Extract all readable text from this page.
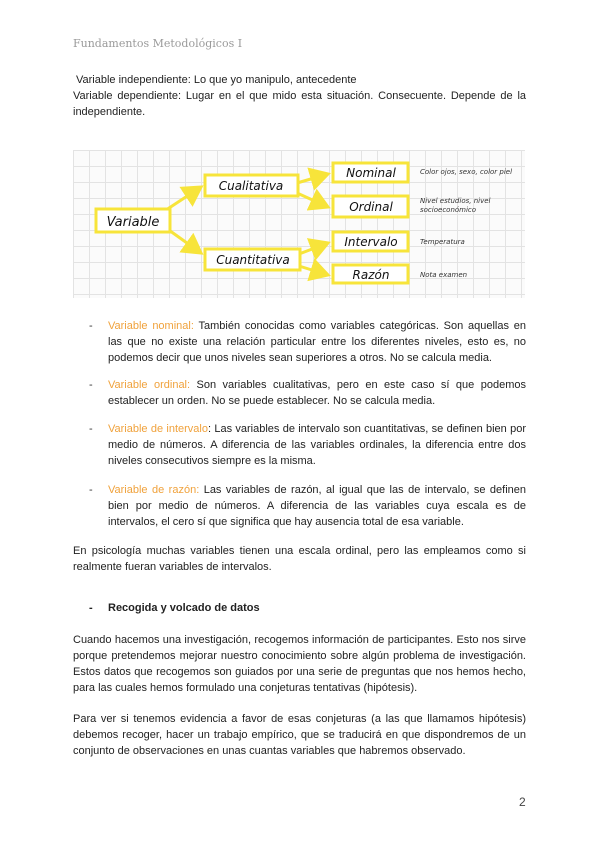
Fundamentos Metodológicos I
Variable independiente: Lo que yo manipulo, antecedente
Variable dependiente: Lugar en el que mido esta situación. Consecuente. Depende de la
independiente.
Variable
Cualitativa
Cuantitativa
Nominal
Ordinal
Intervalo
Razón
Color ojos, sexo, color piel
Nivel estudios, nivel
socioeconómico
Temperatura
Nota examen
- Variable nominal: También conocidas como variables categóricas. Son aquellas en las que no existe una relación particular entre los diferentes niveles, esto es, no podemos decir que unos niveles sean superiores a otros. No se calcula media.
- Variable ordinal: Son variables cualitativas, pero en este caso sí que podemos establecer un orden. No se puede establecer. No se calcula media.
- Variable de intervalo: Las variables de intervalo son cuantitativas, se definen bien por medio de números. A diferencia de las variables ordinales, la diferencia entre dos niveles consecutivos siempre es la misma.
- Variable de razón: Las variables de razón, al igual que las de intervalo, se definen bien por medio de números. A diferencia de las variables cuya escala es de intervalos, el cero sí que significa que hay ausencia total de esa variable.
En psicología muchas variables tienen una escala ordinal, pero las empleamos como si realmente fueran variables de intervalos.
- Recogida y volcado de datos
Cuando hacemos una investigación, recogemos información de participantes. Esto nos sirve porque pretendemos mejorar nuestro conocimiento sobre algún problema de investigación. Estos datos que recogemos son guiados por una serie de preguntas que nos hemos hecho, para las cuales hemos formulado una conjeturas tentativas (hipótesis).
Para ver si tenemos evidencia a favor de esas conjeturas (a las que llamamos hipótesis) debemos recoger, hacer un trabajo empírico, que se traducirá en que dispondremos de un conjunto de observaciones en unas cuantas variables que habremos observado.
2
